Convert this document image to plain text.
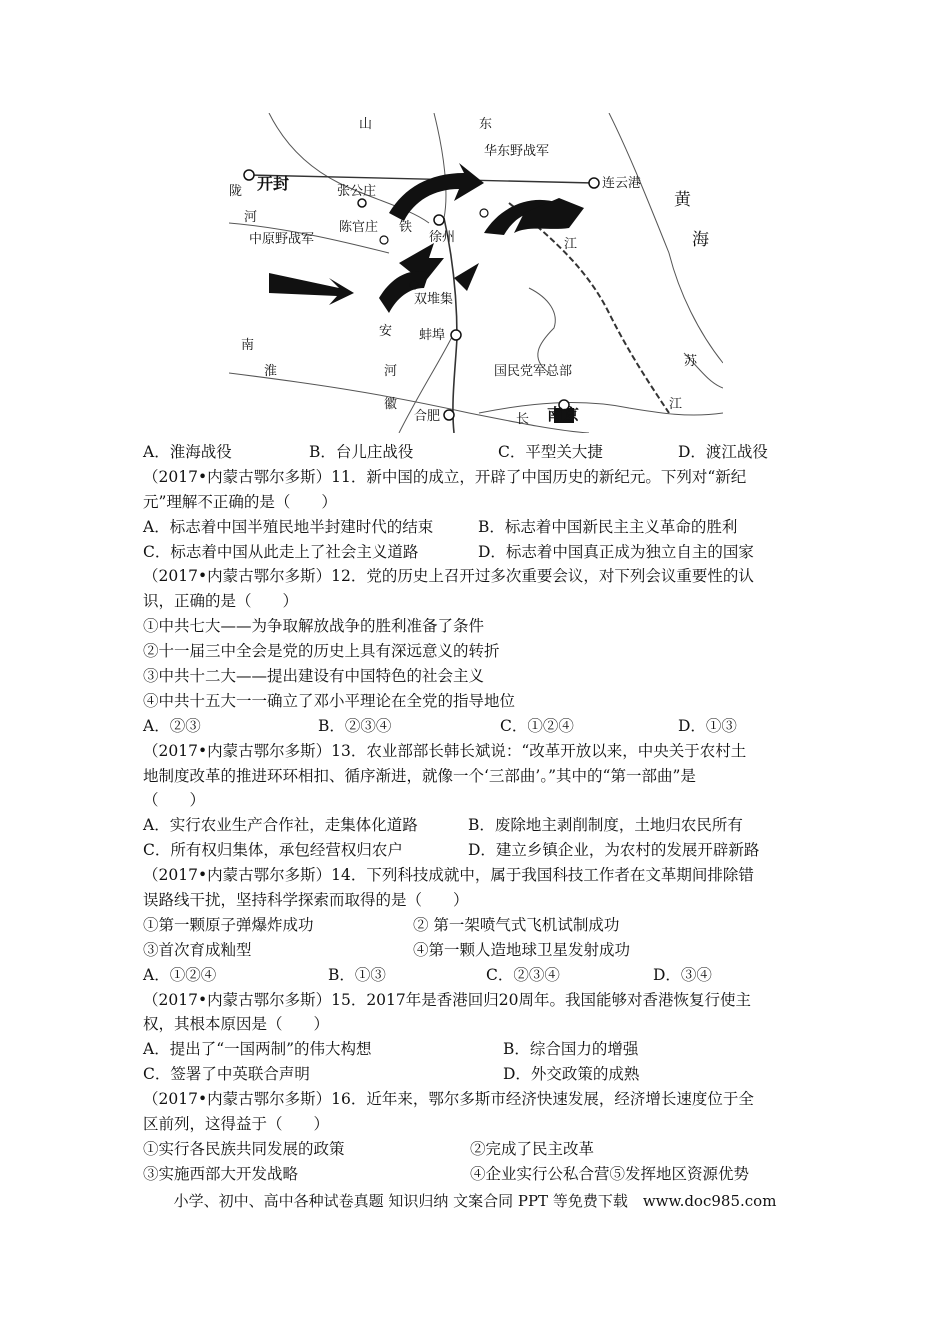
山	东
华东野战军
开封
陇	张公庄
陈官庄 铁
徐州
中原野战军
河
连云港
黄
海
江
双堆集
安 蚌埠
南
淮	河	国民党军总部
苏
江
徽
合肥	长 南京
A．淮海战役	B．台儿庄战役	C．平型关大捷	D．渡江战役
（2017•内蒙古鄂尔多斯）11．新中国的成立，开辟了中国历史的新纪元。下列对“新纪
元”理解不正确的是（　　）
A．标志着中国半殖民地半封建时代的结束	B．标志着中国新民主主义革命的胜利
C．标志着中国从此走上了社会主义道路	D．标志着中国真正成为独立自主的国家
（2017•内蒙古鄂尔多斯）12．党的历史上召开过多次重要会议，对下列会议重要性的认
识，正确的是（　　）
①中共七大——为争取解放战争的胜利准备了条件
②十一届三中全会是党的历史上具有深远意义的转折
③中共十二大——提出建设有中国特色的社会主义
④中共十五大一一确立了邓小平理论在全党的指导地位
A．②③	B．②③④	C．①②④	D．①③
（2017•内蒙古鄂尔多斯）13．农业部部长韩长斌说：“改革开放以来，中央关于农村土
地制度改革的推进环环相扣、循序渐进，就像一个‘三部曲’。”其中的“第一部曲”是
（　　）
A．实行农业生产合作社，走集体化道路	B．废除地主剥削制度，土地归农民所有
C．所有权归集体，承包经营权归农户	D．建立乡镇企业，为农村的发展开辟新路
（2017•内蒙古鄂尔多斯）14．下列科技成就中，属于我国科技工作者在文革期间排除错
误路线干扰，坚持科学探索而取得的是（　　）
①第一颗原子弹爆炸成功	② 第一架喷气式飞机试制成功
③首次育成籼型	④第一颗人造地球卫星发射成功
A．①②④	B．①③	C．②③④	D．③④
（2017•内蒙古鄂尔多斯）15．2017年是香港回归20周年。我国能够对香港恢复行使主
权，其根本原因是（　　）
A．提出了“一国两制”的伟大构想	B．综合国力的增强
C．签署了中英联合声明	D．外交政策的成熟
（2017•内蒙古鄂尔多斯）16．近年来，鄂尔多斯市经济快速发展，经济增长速度位于全
区前列，这得益于（　　）
①实行各民族共同发展的政策	②完成了民主改革
③实施西部大开发战略	④企业实行公私合营⑤发挥地区资源优势
小学、初中、高中各种试卷真题 知识归纳 文案合同 PPT 等免费下载　www.doc985.com
